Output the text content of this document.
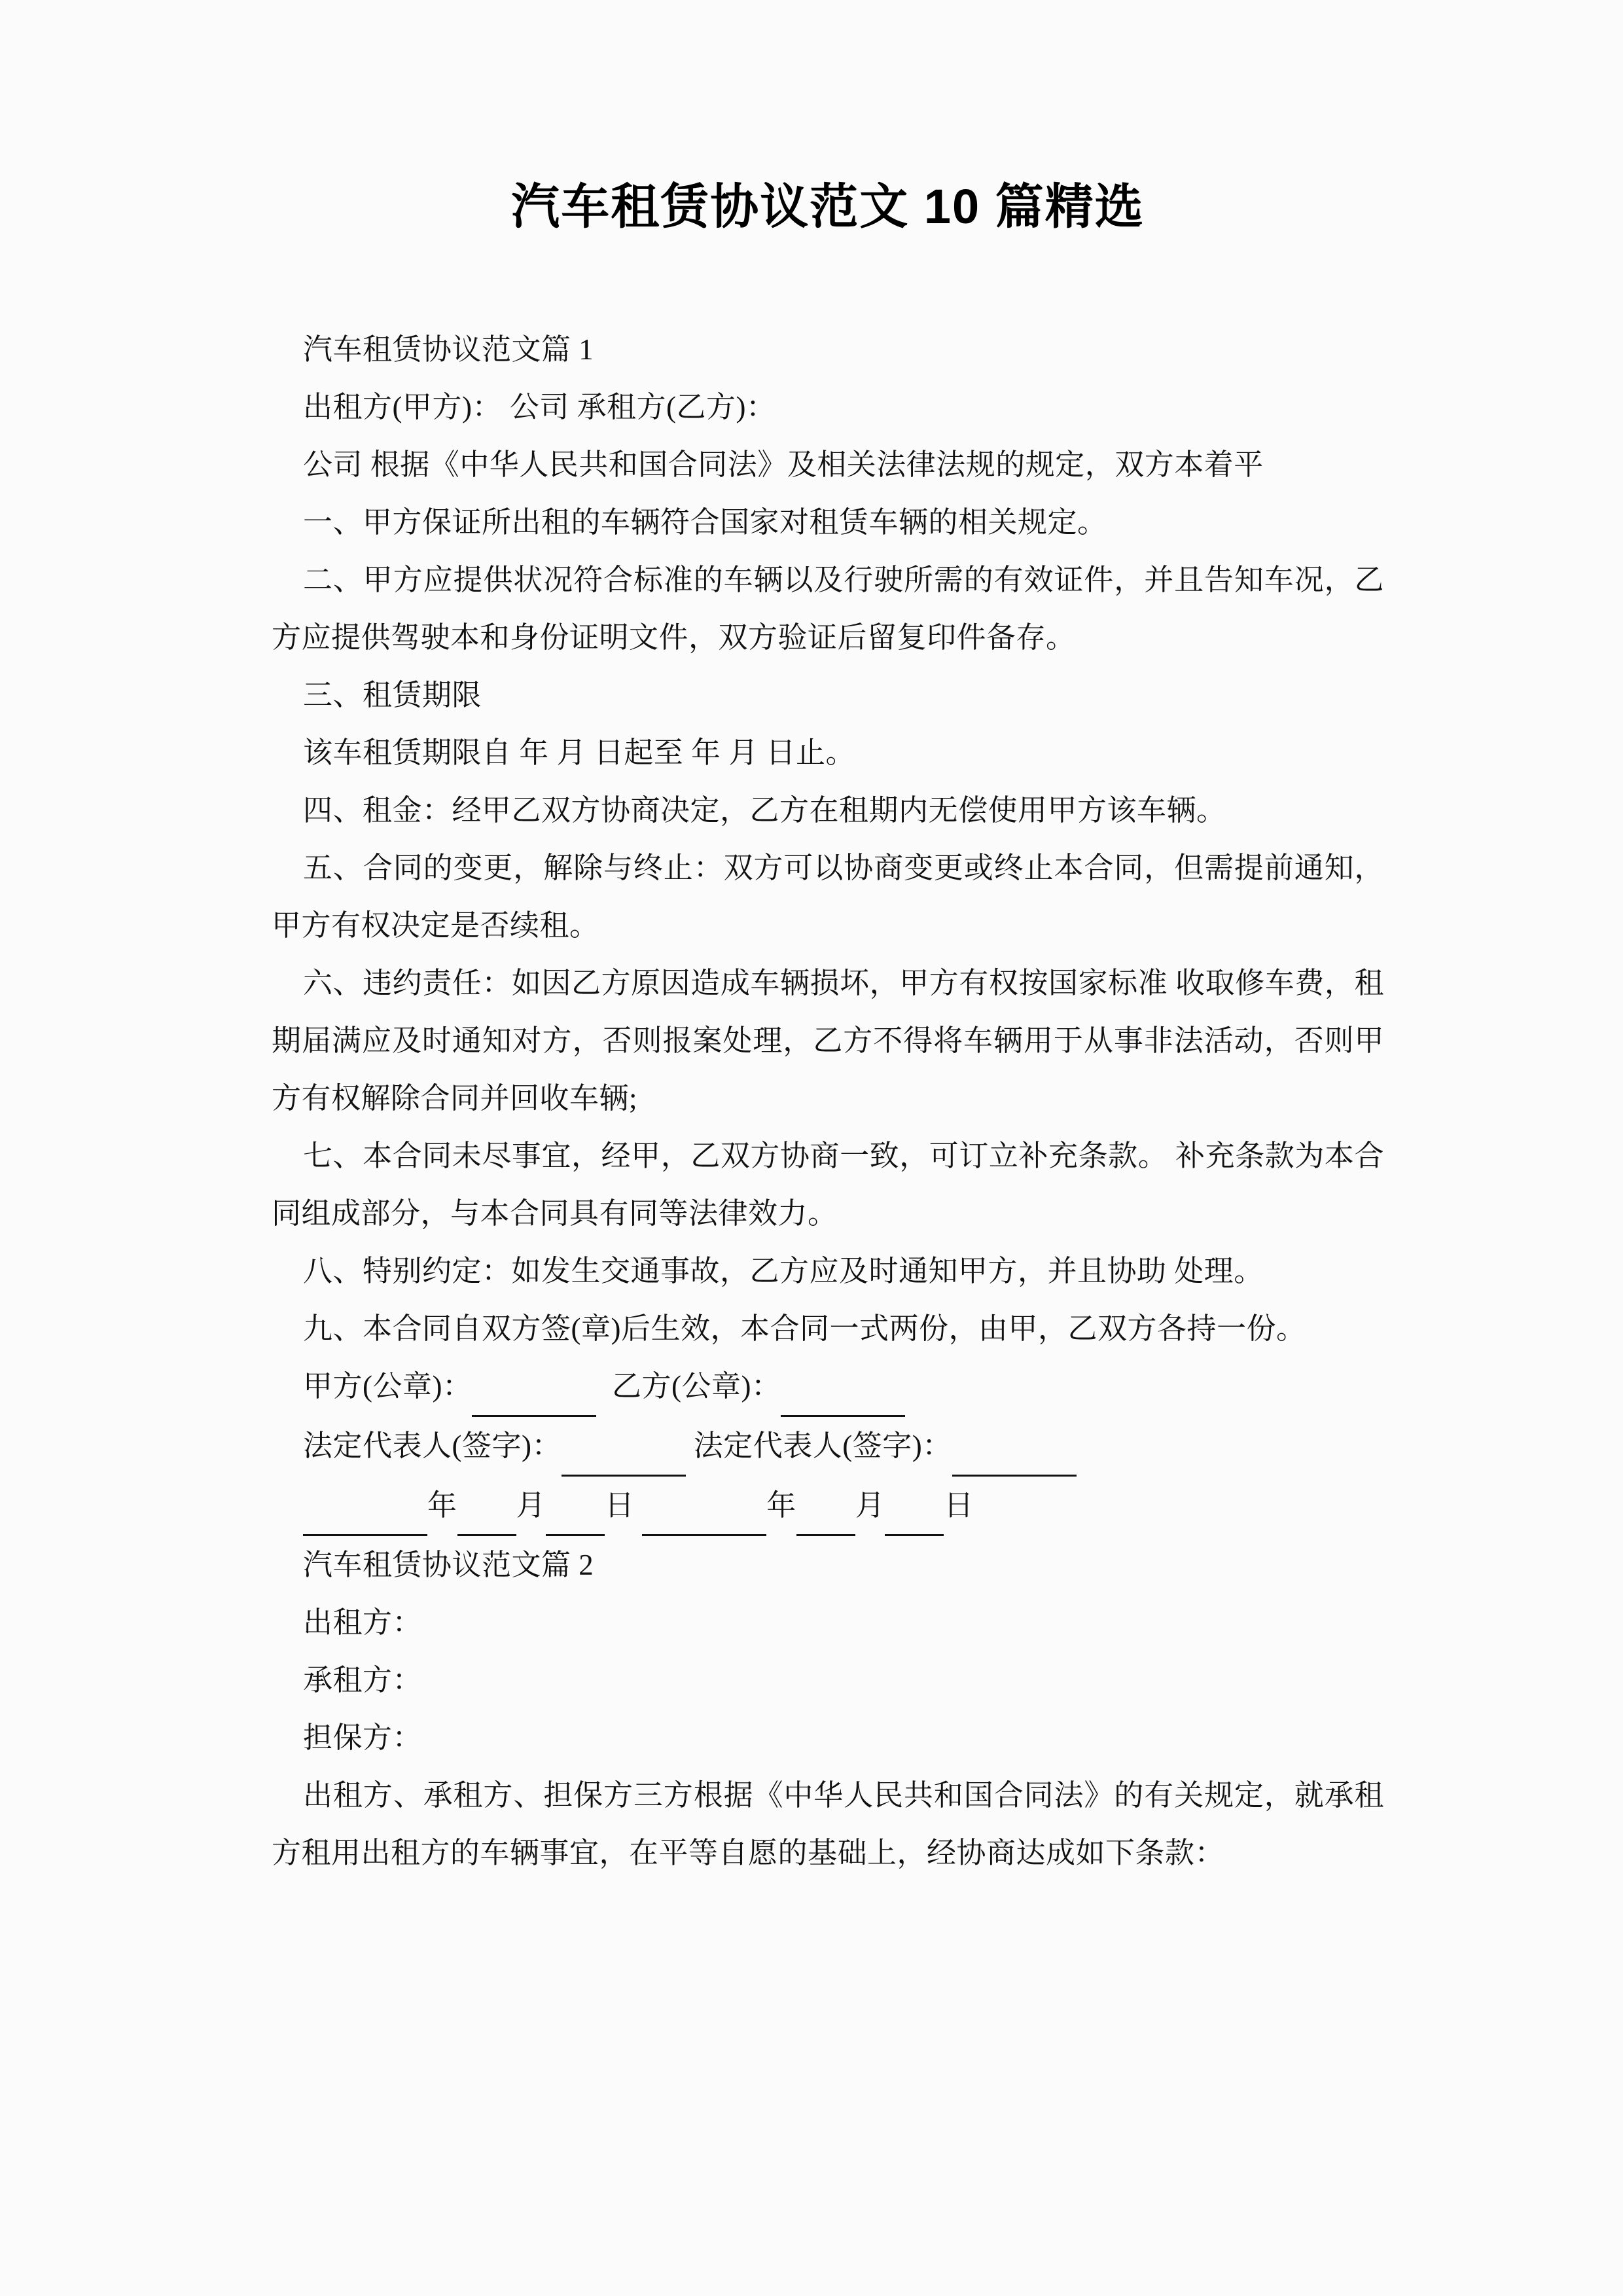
汽车租赁协议范文 10 篇精选

汽车租赁协议范文篇 1

出租方(甲方)： 公司 承租方(乙方)：

公司 根据《中华人民共和国合同法》及相关法律法规的规定，双方本着平

一、甲方保证所出租的车辆符合国家对租赁车辆的相关规定。

二、甲方应提供状况符合标准的车辆以及行驶所需的有效证件，并且告知车况，乙方应提供驾驶本和身份证明文件，双方验证后留复印件备存。

三、租赁期限

该车租赁期限自 年 月 日起至 年 月 日止。

四、租金：经甲乙双方协商决定，乙方在租期内无偿使用甲方该车辆。

五、合同的变更，解除与终止：双方可以协商变更或终止本合同，但需提前通知，甲方有权决定是否续租。

六、违约责任：如因乙方原因造成车辆损坏，甲方有权按国家标准 收取修车费，租期届满应及时通知对方，否则报案处理，乙方不得将车辆用于从事非法活动，否则甲方有权解除合同并回收车辆;

七、本合同未尽事宜，经甲，乙双方协商一致，可订立补充条款。 补充条款为本合同组成部分，与本合同具有同等法律效力。

八、特别约定：如发生交通事故，乙方应及时通知甲方，并且协助 处理。

九、本合同自双方签(章)后生效，本合同一式两份，由甲，乙双方各持一份。

甲方(公章)：	乙方(公章)：

法定代表人(签字)：	法定代表人(签字)：

年 月 日	年 月 日

汽车租赁协议范文篇 2

出租方：

承租方：

担保方：

出租方、承租方、担保方三方根据《中华人民共和国合同法》的有关规定，就承租方租用出租方的车辆事宜，在平等自愿的基础上，经协商达成如下条款：
